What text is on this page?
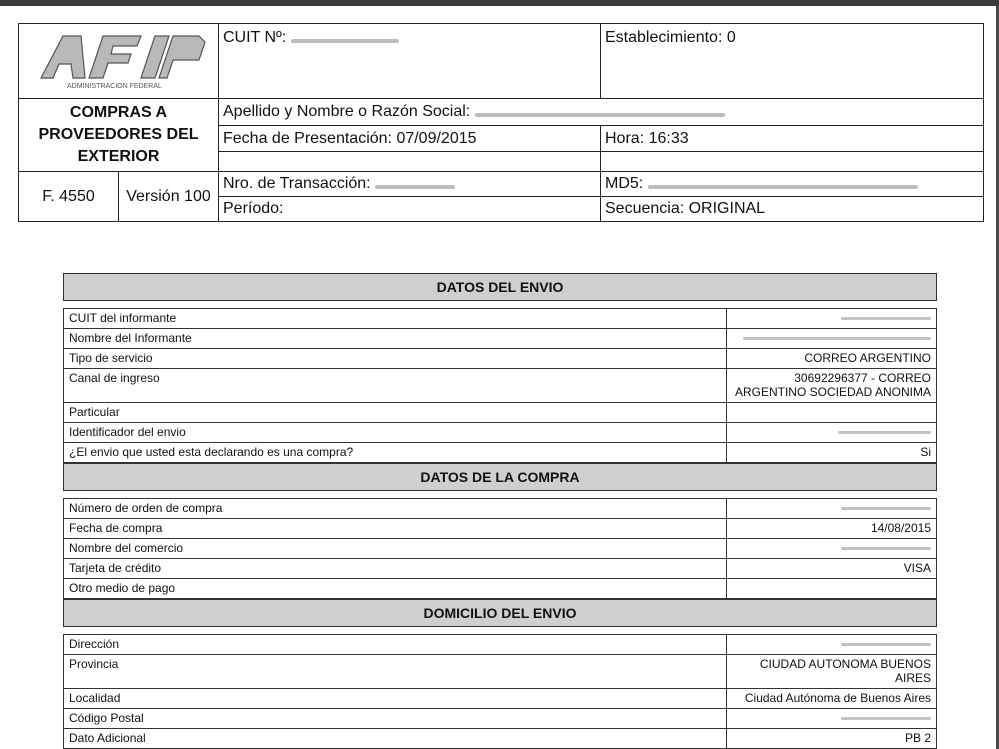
ADMINISTRACION FEDERAL		CUIT Nº:	Establecimiento: 0
COMPRAS A PROVEEDORES DEL EXTERIOR		Apellido y Nombre o Razón Social:	
		Fecha de Presentación: 07/09/2015	Hora: 16:33

F. 4550	Versión 100	Nro. de Transacción:	MD5:
		Período:	Secuencia: ORIGINAL
DATOS DEL ENVIO
CUIT del informante	
Nombre del Informante	
Tipo de servicio	CORREO ARGENTINO
Canal de ingreso	30692296377 - CORREO
ARGENTINO SOCIEDAD ANONIMA

Particular	
Identificador del envio	
¿El envio que usted esta declarando es una compra?	Si
DATOS DE LA COMPRA
Número de orden de compra	
Fecha de compra	14/08/2015
Nombre del comercio	
Tarjeta de crédito	VISA
Otro medio de pago	
DOMICILIO DEL ENVIO
Dirección	
Provincia	CIUDAD AUTONOMA BUENOS
AIRES

Localidad	Ciudad Autónoma de Buenos Aires
Código Postal	
Dato Adicional	PB 2
